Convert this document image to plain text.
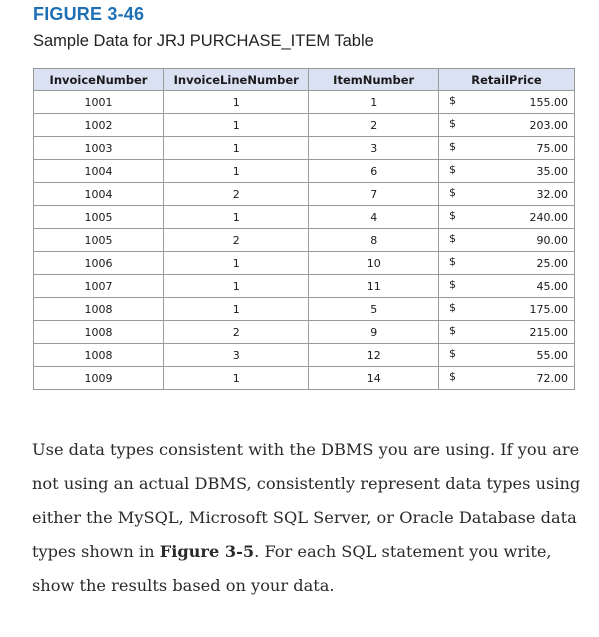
FIGURE 3-46
Sample Data for JRJ PURCHASE_ITEM Table
InvoiceNumber	InvoiceLineNumber	ItemNumber	RetailPrice
1001	1	1	$ 155.00

1002	1	2	$ 203.00

1003	1	3	$ 75.00

1004	1	6	$ 35.00

1004	2	7	$ 32.00

1005	1	4	$ 240.00

1005	2	8	$ 90.00

1006	1	10	$ 25.00

1007	1	11	$ 45.00

1008	1	5	$ 175.00

1008	2	9	$ 215.00

1008	3	12	$ 55.00

1009	1	14	$ 72.00
Use data types consistent with the DBMS you are using. If you are not using an actual DBMS, consistently represent data types using either the MySQL, Microsoft SQL Server, or Oracle Database data types shown in Figure 3-5. For each SQL statement you write, show the results based on your data.
